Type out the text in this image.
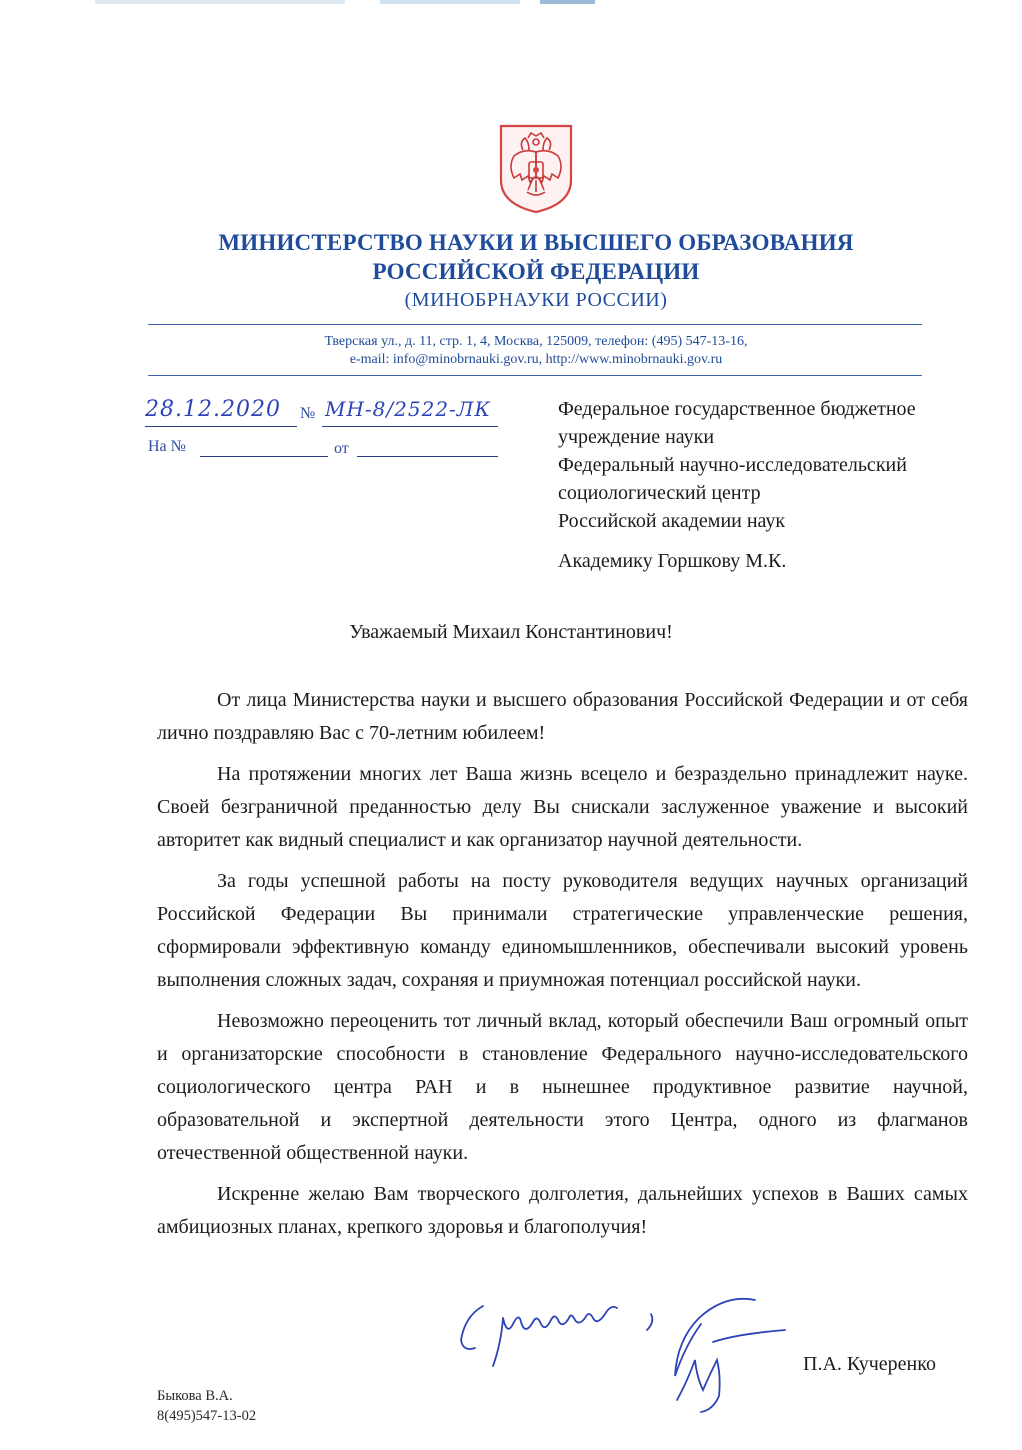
МИНИСТЕРСТВО НАУКИ И ВЫСШЕГО ОБРАЗОВАНИЯ
РОССИЙСКОЙ ФЕДЕРАЦИИ
(МИНОБРНАУКИ РОССИИ)
Тверская ул., д. 11, стр. 1, 4, Москва, 125009, телефон: (495) 547-13-16,
e-mail: info@minobrnauki.gov.ru, http://www.minobrnauki.gov.ru
28.12.2020 № МН-8/2522-ЛК
На №	от
Федеральное государственное бюджетное
учреждение науки
Федеральный научно-исследовательский
социологический центр
Российской академии наук
Академику Горшкову М.К.
Уважаемый Михаил Константинович!

От лица Министерства науки и высшего образования Российской Федерации и от себя лично поздравляю Вас с 70-летним юбилеем!

На протяжении многих лет Ваша жизнь всецело и безраздельно принадлежит науке. Своей безграничной преданностью делу Вы снискали заслуженное уважение и высокий авторитет как видный специалист и как организатор научной деятельности.

За годы успешной работы на посту руководителя ведущих научных организаций Российской Федерации Вы принимали стратегические управленческие решения, сформировали эффективную команду единомышленников, обеспечивали высокий уровень выполнения сложных задач, сохраняя и приумножая потенциал российской науки.

Невозможно переоценить тот личный вклад, который обеспечили Ваш огромный опыт и организаторские способности в становление Федерального научно-исследовательского социологического центра РАН и в нынешнее продуктивное развитие научной, образовательной и экспертной деятельности этого Центра, одного из флагманов отечественной общественной науки.

Искренне желаю Вам творческого долголетия, дальнейших успехов в Ваших самых амбициозных планах, крепкого здоровья и благополучия!

П.А. Кучеренко
Быкова В.А.
8(495)547-13-02
